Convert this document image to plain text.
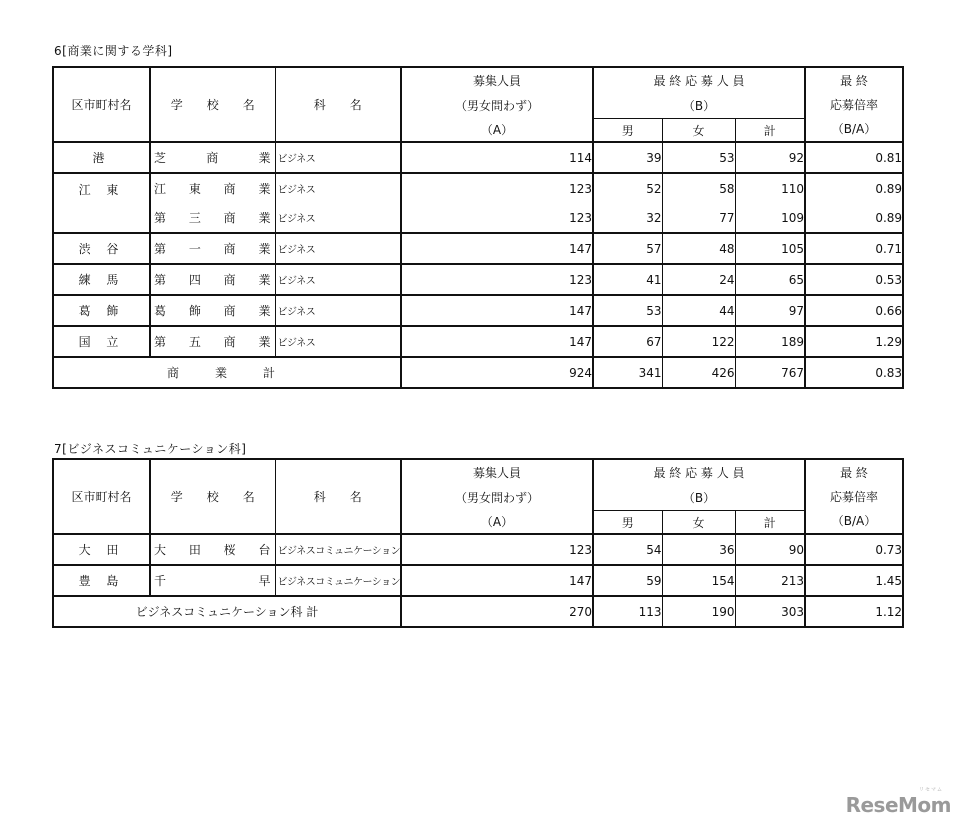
6[商業に関する学科]
区市町村名	学　　校　　名	科　　名	募集人員	最 終 応 募 人 員			最 終
応募倍率
（B/A）

			（男女問わず）	（B）			
			（A）	男	女	計	
港	芝 商 業	ビジネス	114	39	53	92	0.81
江 東	江 東 商 業	ビジネス	123	52	58	110	0.89

	第 三 商 業	ビジネス	123	32	77	109	0.89
渋 谷	第 一 商 業	ビジネス	147	57	48	105	0.71
練 馬	第 四 商 業	ビジネス	123	41	24	65	0.53
葛 飾	葛 飾 商 業	ビジネス	147	53	44	97	0.66
国 立	第 五 商 業	ビジネス	147	67	122	189	1.29
商　業　計			924	341	426	767	0.83
7[ビジネスコミュニケーション科]
区市町村名	学　　校　　名	科　　名	募集人員	最 終 応 募 人 員			最 終
応募倍率
（B/A）

			（男女問わず）	（B）			
			（A）	男	女	計	
大 田	大 田 桜 台	ビジネスコミュニケーション	123	54	36	90	0.73
豊 島	千 早	ビジネスコミュニケーション	147	59	154	213	1.45
ビジネスコミュニケーション科 計			270	113	190	303	1.12
リセマム
ReseMom
